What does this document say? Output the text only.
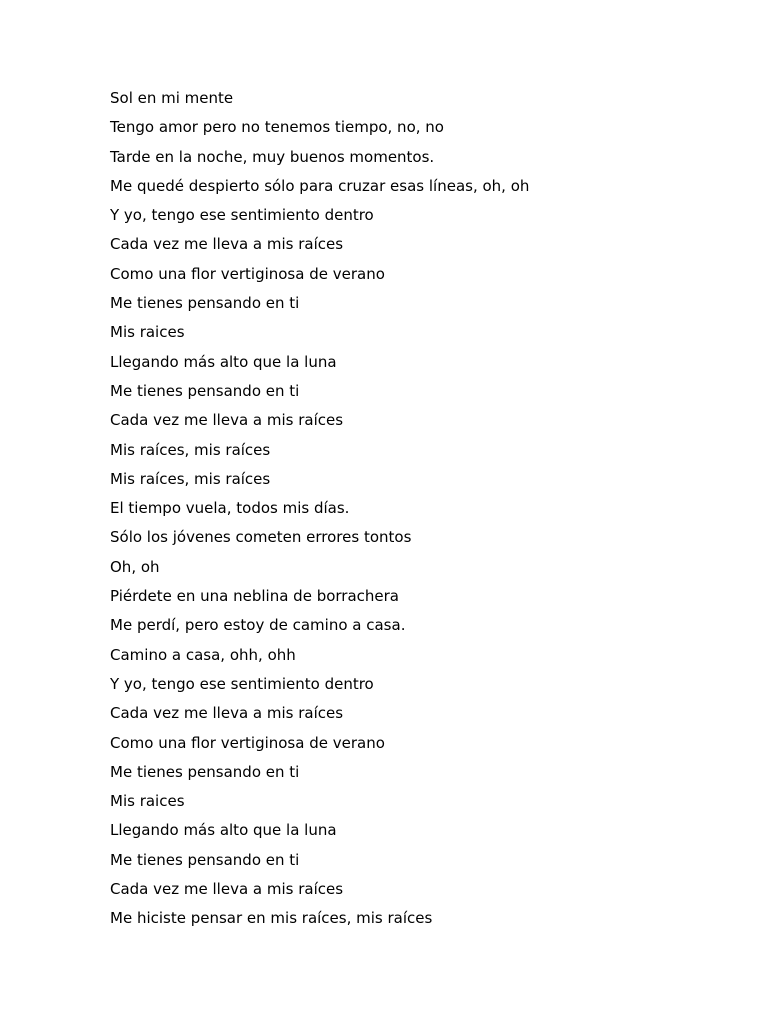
Sol en mi mente
Tengo amor pero no tenemos tiempo, no, no
Tarde en la noche, muy buenos momentos.
Me quedé despierto sólo para cruzar esas líneas, oh, oh
Y yo, tengo ese sentimiento dentro
Cada vez me lleva a mis raíces
Como una flor vertiginosa de verano
Me tienes pensando en ti
Mis raices
Llegando más alto que la luna
Me tienes pensando en ti
Cada vez me lleva a mis raíces
Mis raíces, mis raíces
Mis raíces, mis raíces
El tiempo vuela, todos mis días.
Sólo los jóvenes cometen errores tontos
Oh, oh
Piérdete en una neblina de borrachera
Me perdí, pero estoy de camino a casa.
Camino a casa, ohh, ohh
Y yo, tengo ese sentimiento dentro
Cada vez me lleva a mis raíces
Como una flor vertiginosa de verano
Me tienes pensando en ti
Mis raices
Llegando más alto que la luna
Me tienes pensando en ti
Cada vez me lleva a mis raíces
Me hiciste pensar en mis raíces, mis raíces
